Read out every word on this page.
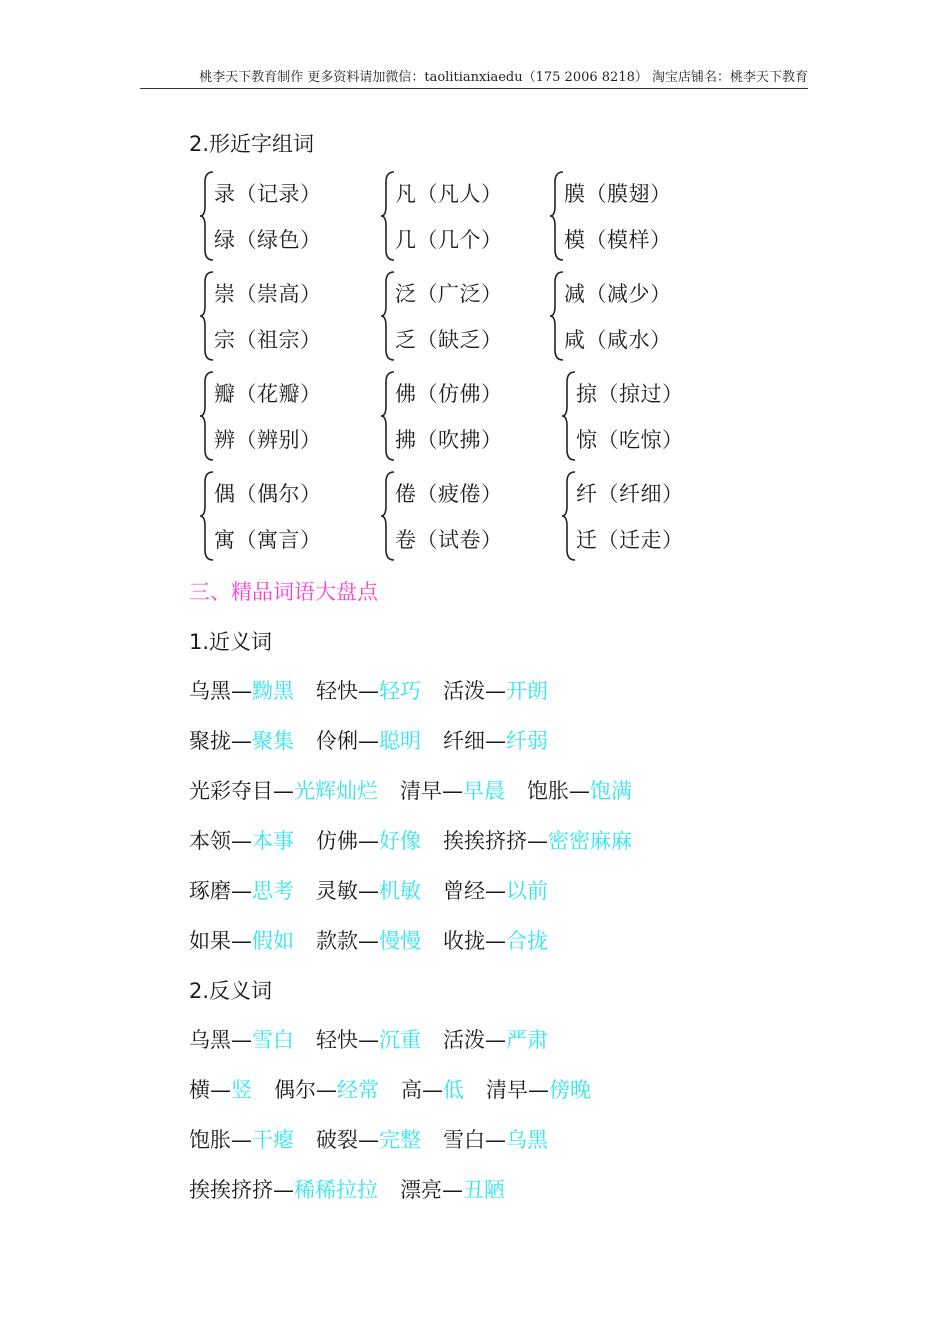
桃李天下教育制作 更多资料请加微信：taolitianxiaedu（175 2006 8218） 淘宝店铺名：桃李天下教育
2.形近字组词
录（记录）
绿（绿色）
凡（凡人）
几（几个）
膜（膜翅）
模（模样）
崇（崇高）
宗（祖宗）
泛（广泛）
乏（缺乏）
减（减少）
咸（咸水）
瓣（花瓣）
辨（辨别）
佛（仿佛）
拂（吹拂）
掠（掠过）
惊（吃惊）
偶（偶尔）
寓（寓言）
倦（疲倦）
卷（试卷）
纤（纤细）
迁（迁走）
三、精品词语大盘点
1.近义词
乌黑—黝黑 轻快—轻巧 活泼—开朗
聚拢—聚集 伶俐—聪明 纤细—纤弱
光彩夺目—光辉灿烂 清早—早晨 饱胀—饱满
本领—本事 仿佛—好像 挨挨挤挤—密密麻麻
琢磨—思考 灵敏—机敏 曾经—以前
如果—假如 款款—慢慢 收拢—合拢
2.反义词
乌黑—雪白 轻快—沉重 活泼—严肃
横—竖 偶尔—经常 高—低 清早—傍晚
饱胀—干瘪 破裂—完整 雪白—乌黑
挨挨挤挤—稀稀拉拉 漂亮—丑陋
